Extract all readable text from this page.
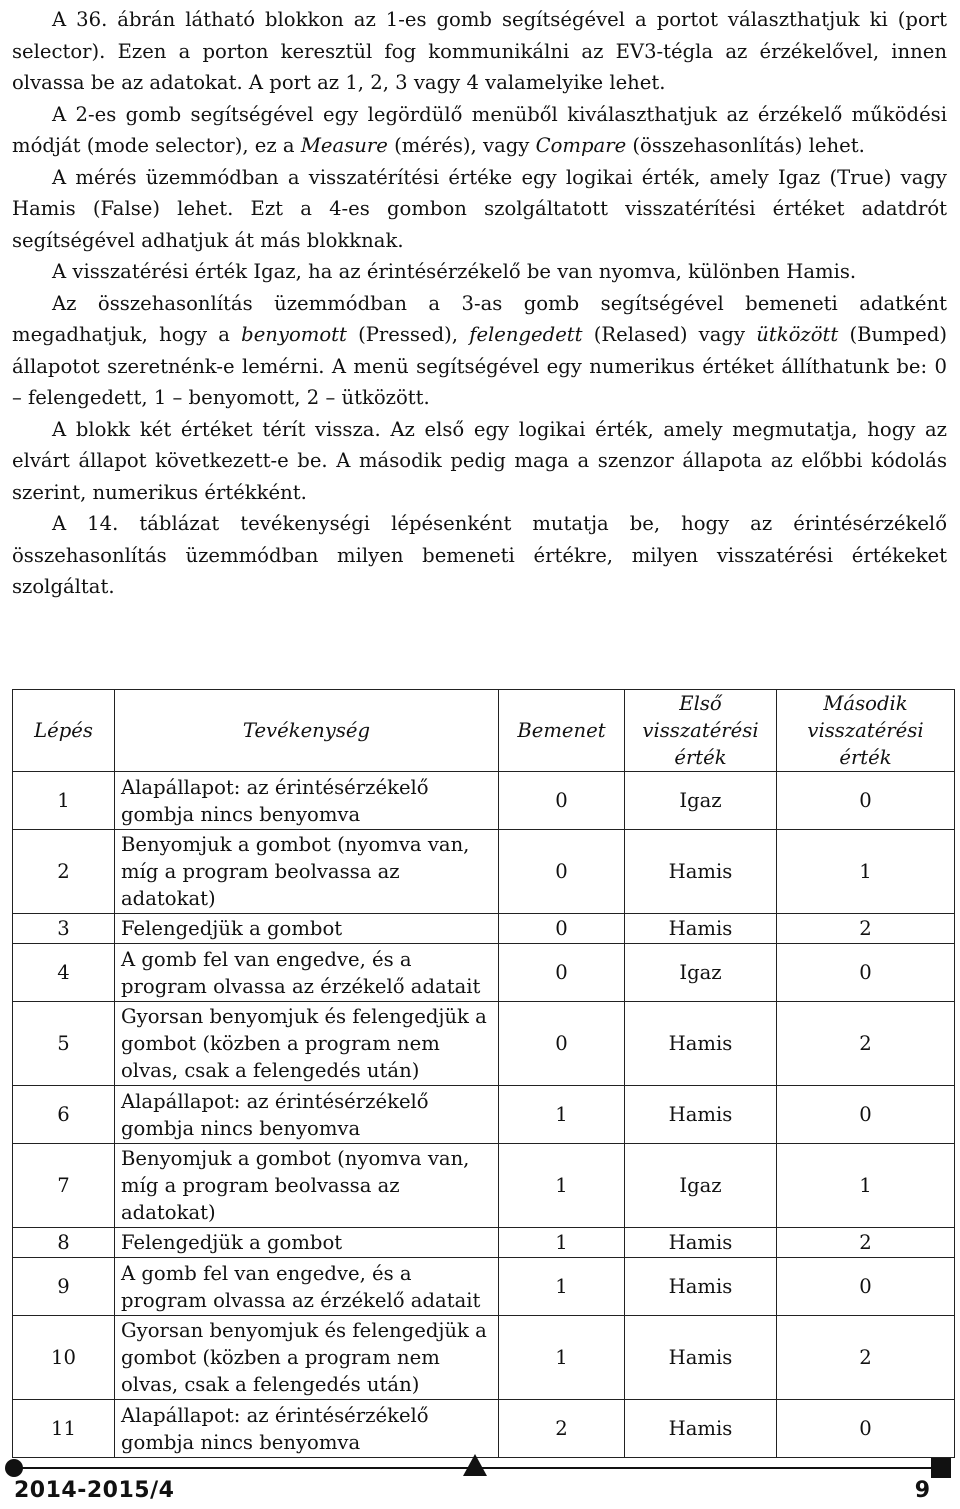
A 36. ábrán látható blokkon az 1-es gomb segítségével a portot választhatjuk ki (port selector). Ezen a porton keresztül fog kommunikálni az EV3-tégla az érzékelővel, innen olvassa be az adatokat. A port az 1, 2, 3 vagy 4 valamelyike lehet.

A 2-es gomb segítségével egy legördülő menüből kiválaszthatjuk az érzékelő működési módját (mode selector), ez a Measure (mérés), vagy Compare (összehasonlítás) lehet.

A mérés üzemmódban a visszatérítési értéke egy logikai érték, amely Igaz (True) vagy Hamis (False) lehet. Ezt a 4-es gombon szolgáltatott visszatérítési értéket adatdrót segítségével adhatjuk át más blokknak.

A visszatérési érték Igaz, ha az érintésérzékelő be van nyomva, különben Hamis.

Az összehasonlítás üzemmódban a 3-as gomb segítségével bemeneti adatként megadhatjuk, hogy a benyomott (Pressed), felengedett (Relased) vagy ütközött (Bumped) állapotot szeretnénk-e lemérni. A menü segítségével egy numerikus értéket állíthatunk be: 0 – felengedett, 1 – benyomott, 2 – ütközött.

A blokk két értéket térít vissza. Az első egy logikai érték, amely megmutatja, hogy az elvárt állapot következett-e be. A második pedig maga a szenzor állapota az előbbi kódolás szerint, numerikus értékként.

A 14. táblázat tevékenységi lépésenként mutatja be, hogy az érintésérzékelő összehasonlítás üzemmódban milyen bemeneti értékre, milyen visszatérési értékeket szolgáltat.

Lépés	Tevékenység	Bemenet	Első visszatérési érték	Második visszatérési érték
1	Alapállapot: az érintésérzékelő gombja nincs benyomva	0	Igaz	0
2	Benyomjuk a gombot (nyomva van, míg a program beolvassa az adatokat)	0	Hamis	1
3	Felengedjük a gombot	0	Hamis	2
4	A gomb fel van engedve, és a program olvassa az érzékelő adatait	0	Igaz	0
5	Gyorsan benyomjuk és felengedjük a gombot (közben a program nem olvas, csak a felengedés után)	0	Hamis	2
6	Alapállapot: az érintésérzékelő gombja nincs benyomva	1	Hamis	0
7	Benyomjuk a gombot (nyomva van, míg a program beolvassa az adatokat)	1	Igaz	1
8	Felengedjük a gombot	1	Hamis	2
9	A gomb fel van engedve, és a program olvassa az érzékelő adatait	1	Hamis	0
10	Gyorsan benyomjuk és felengedjük a gombot (közben a program nem olvas, csak a felengedés után)	1	Hamis	2
11	Alapállapot: az érintésérzékelő gombja nincs benyomva	2	Hamis	0
2014-2015/4	9
